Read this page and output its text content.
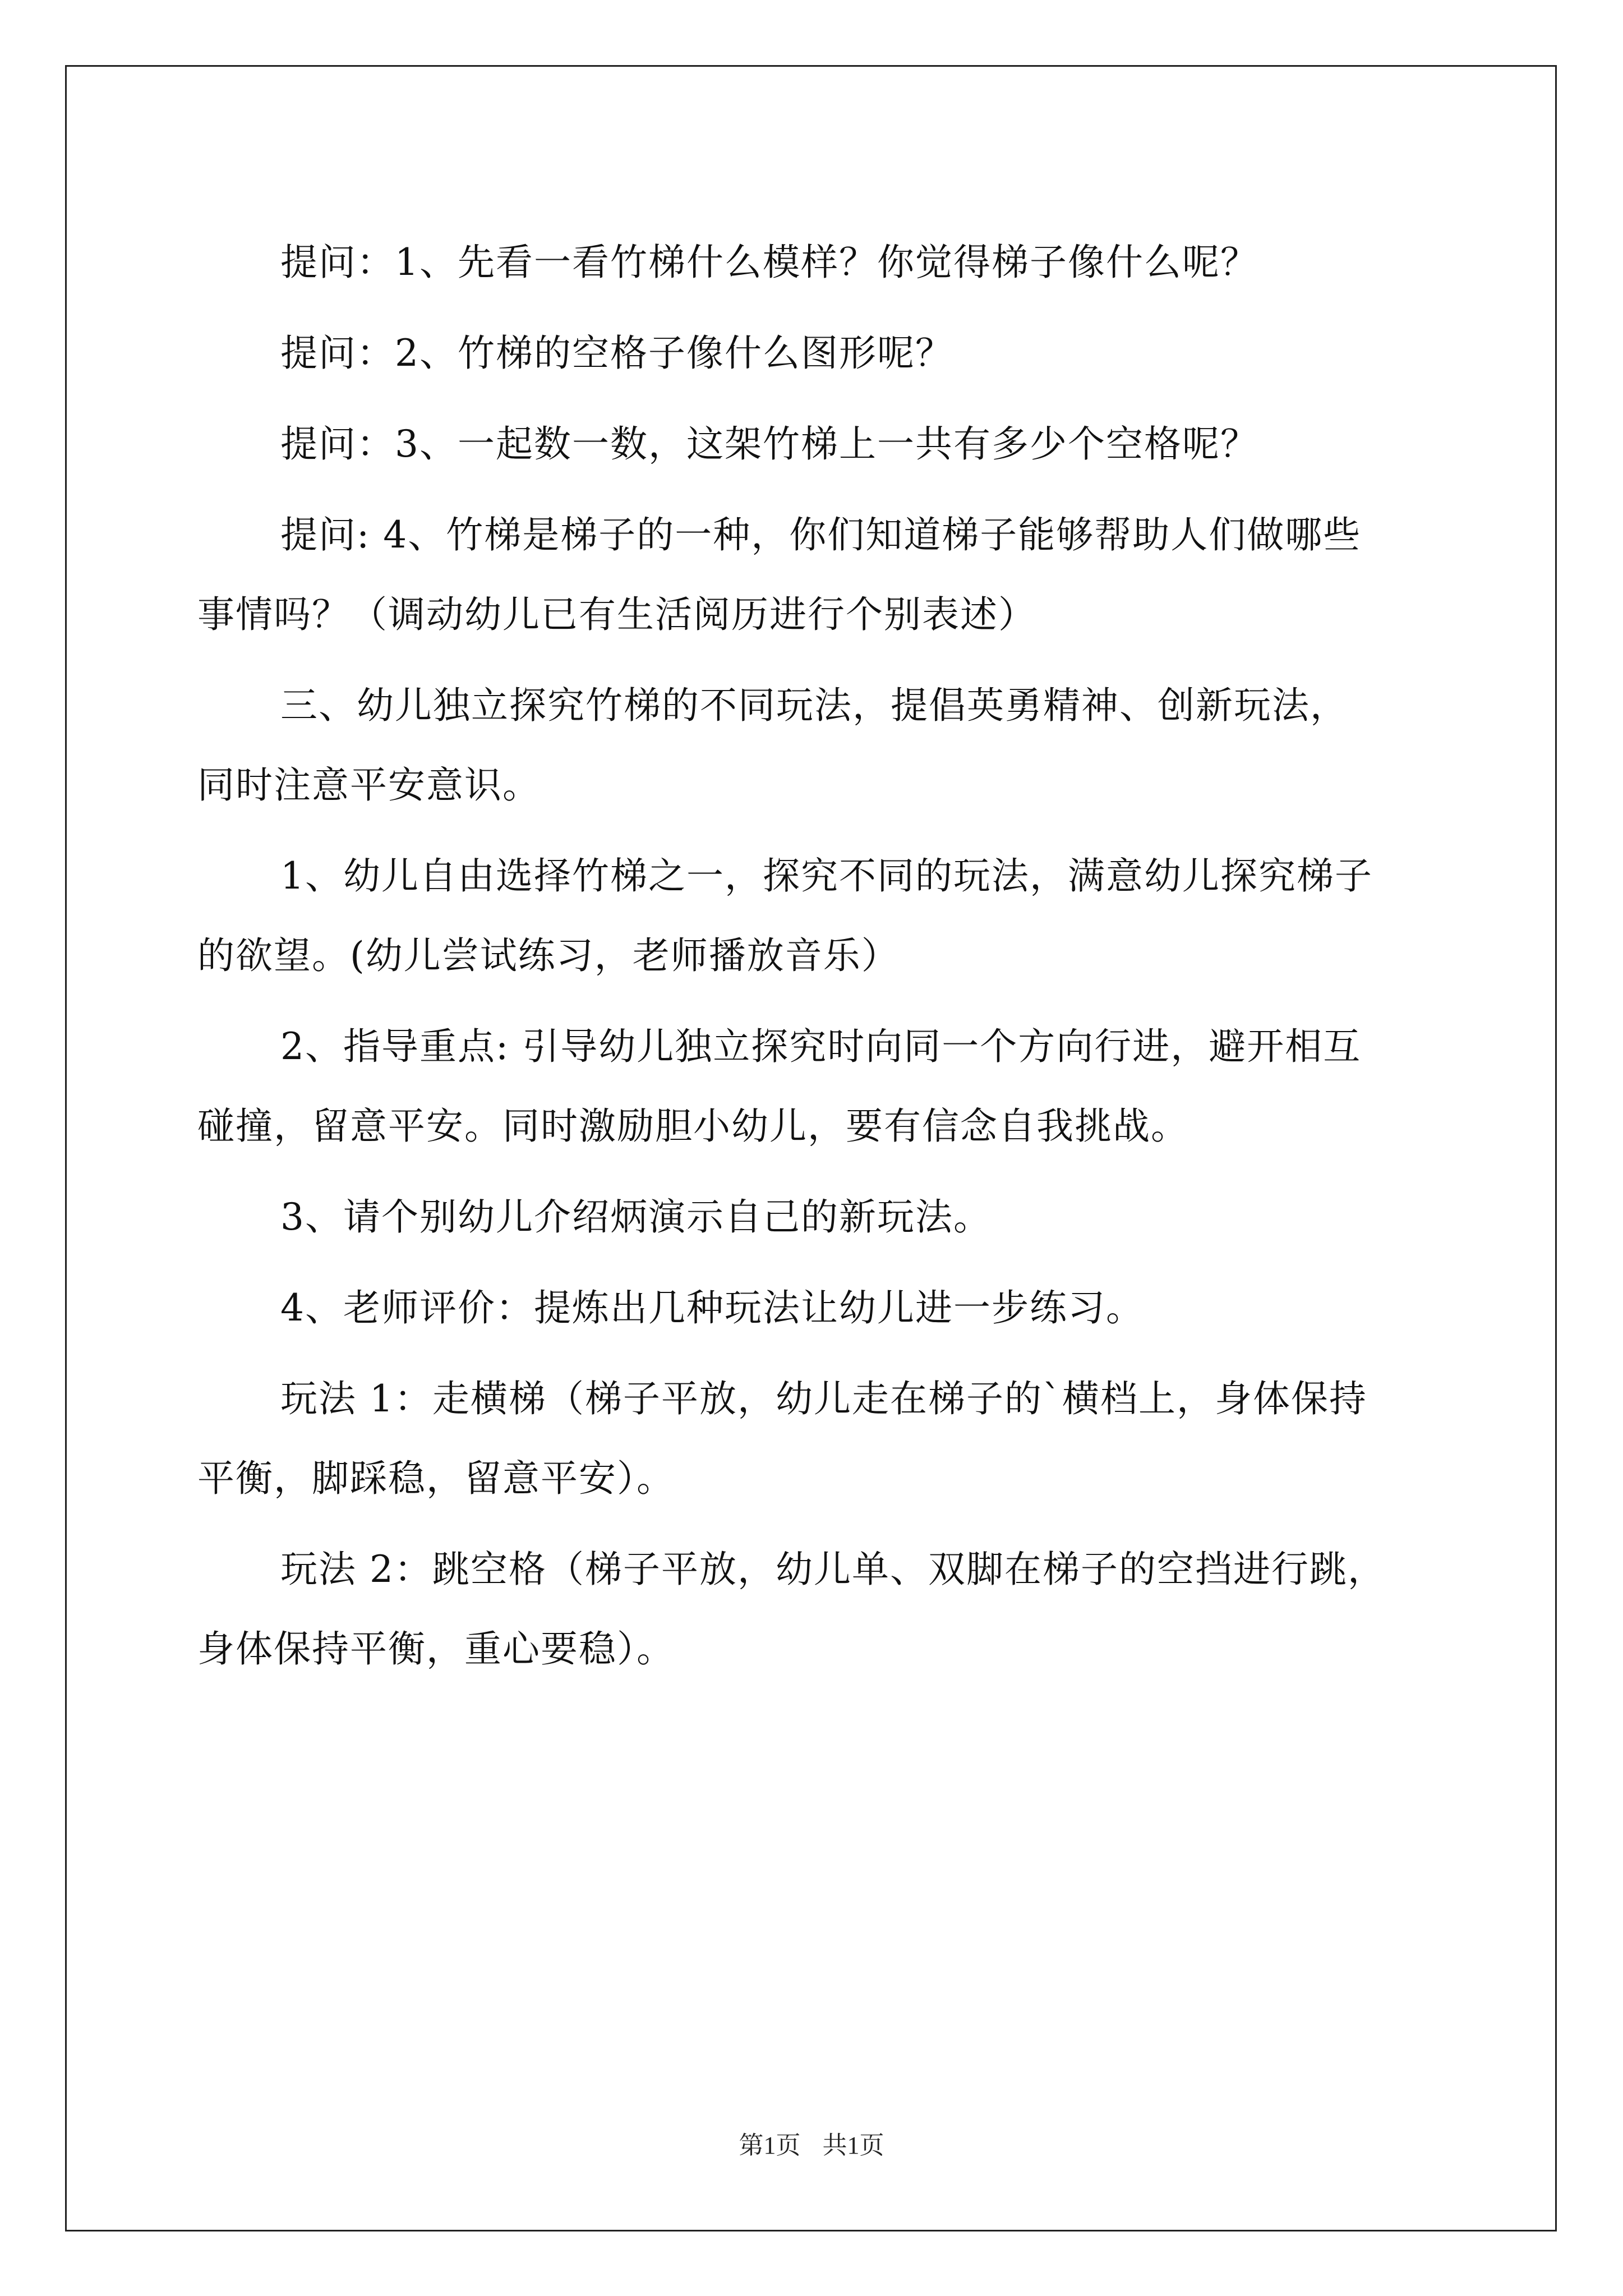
提问：1、先看一看竹梯什么模样？你觉得梯子像什么呢？
提问：2、竹梯的空格子像什么图形呢？
提问：3、一起数一数，这架竹梯上一共有多少个空格呢？
提问: 4、竹梯是梯子的一种，你们知道梯子能够帮助人们做哪些
事情吗？（调动幼儿已有生活阅历进行个别表述）
三、幼儿独立探究竹梯的不同玩法，提倡英勇精神、创新玩法，
同时注意平安意识。
1、幼儿自由选择竹梯之一，探究不同的玩法，满意幼儿探究梯子
的欲望。(幼儿尝试练习，老师播放音乐）
2、指导重点: 引导幼儿独立探究时向同一个方向行进，避开相互
碰撞，留意平安。同时激励胆小幼儿，要有信念自我挑战。
3、请个别幼儿介绍炳演示自己的新玩法。
4、老师评价：提炼出几种玩法让幼儿进一步练习。
玩法 1：走横梯（梯子平放，幼儿走在梯子的`横档上，身体保持
平衡，脚踩稳，留意平安）。
玩法 2：跳空格（梯子平放，幼儿单、双脚在梯子的空挡进行跳，
身体保持平衡，重心要稳）。
第1页 共1页
